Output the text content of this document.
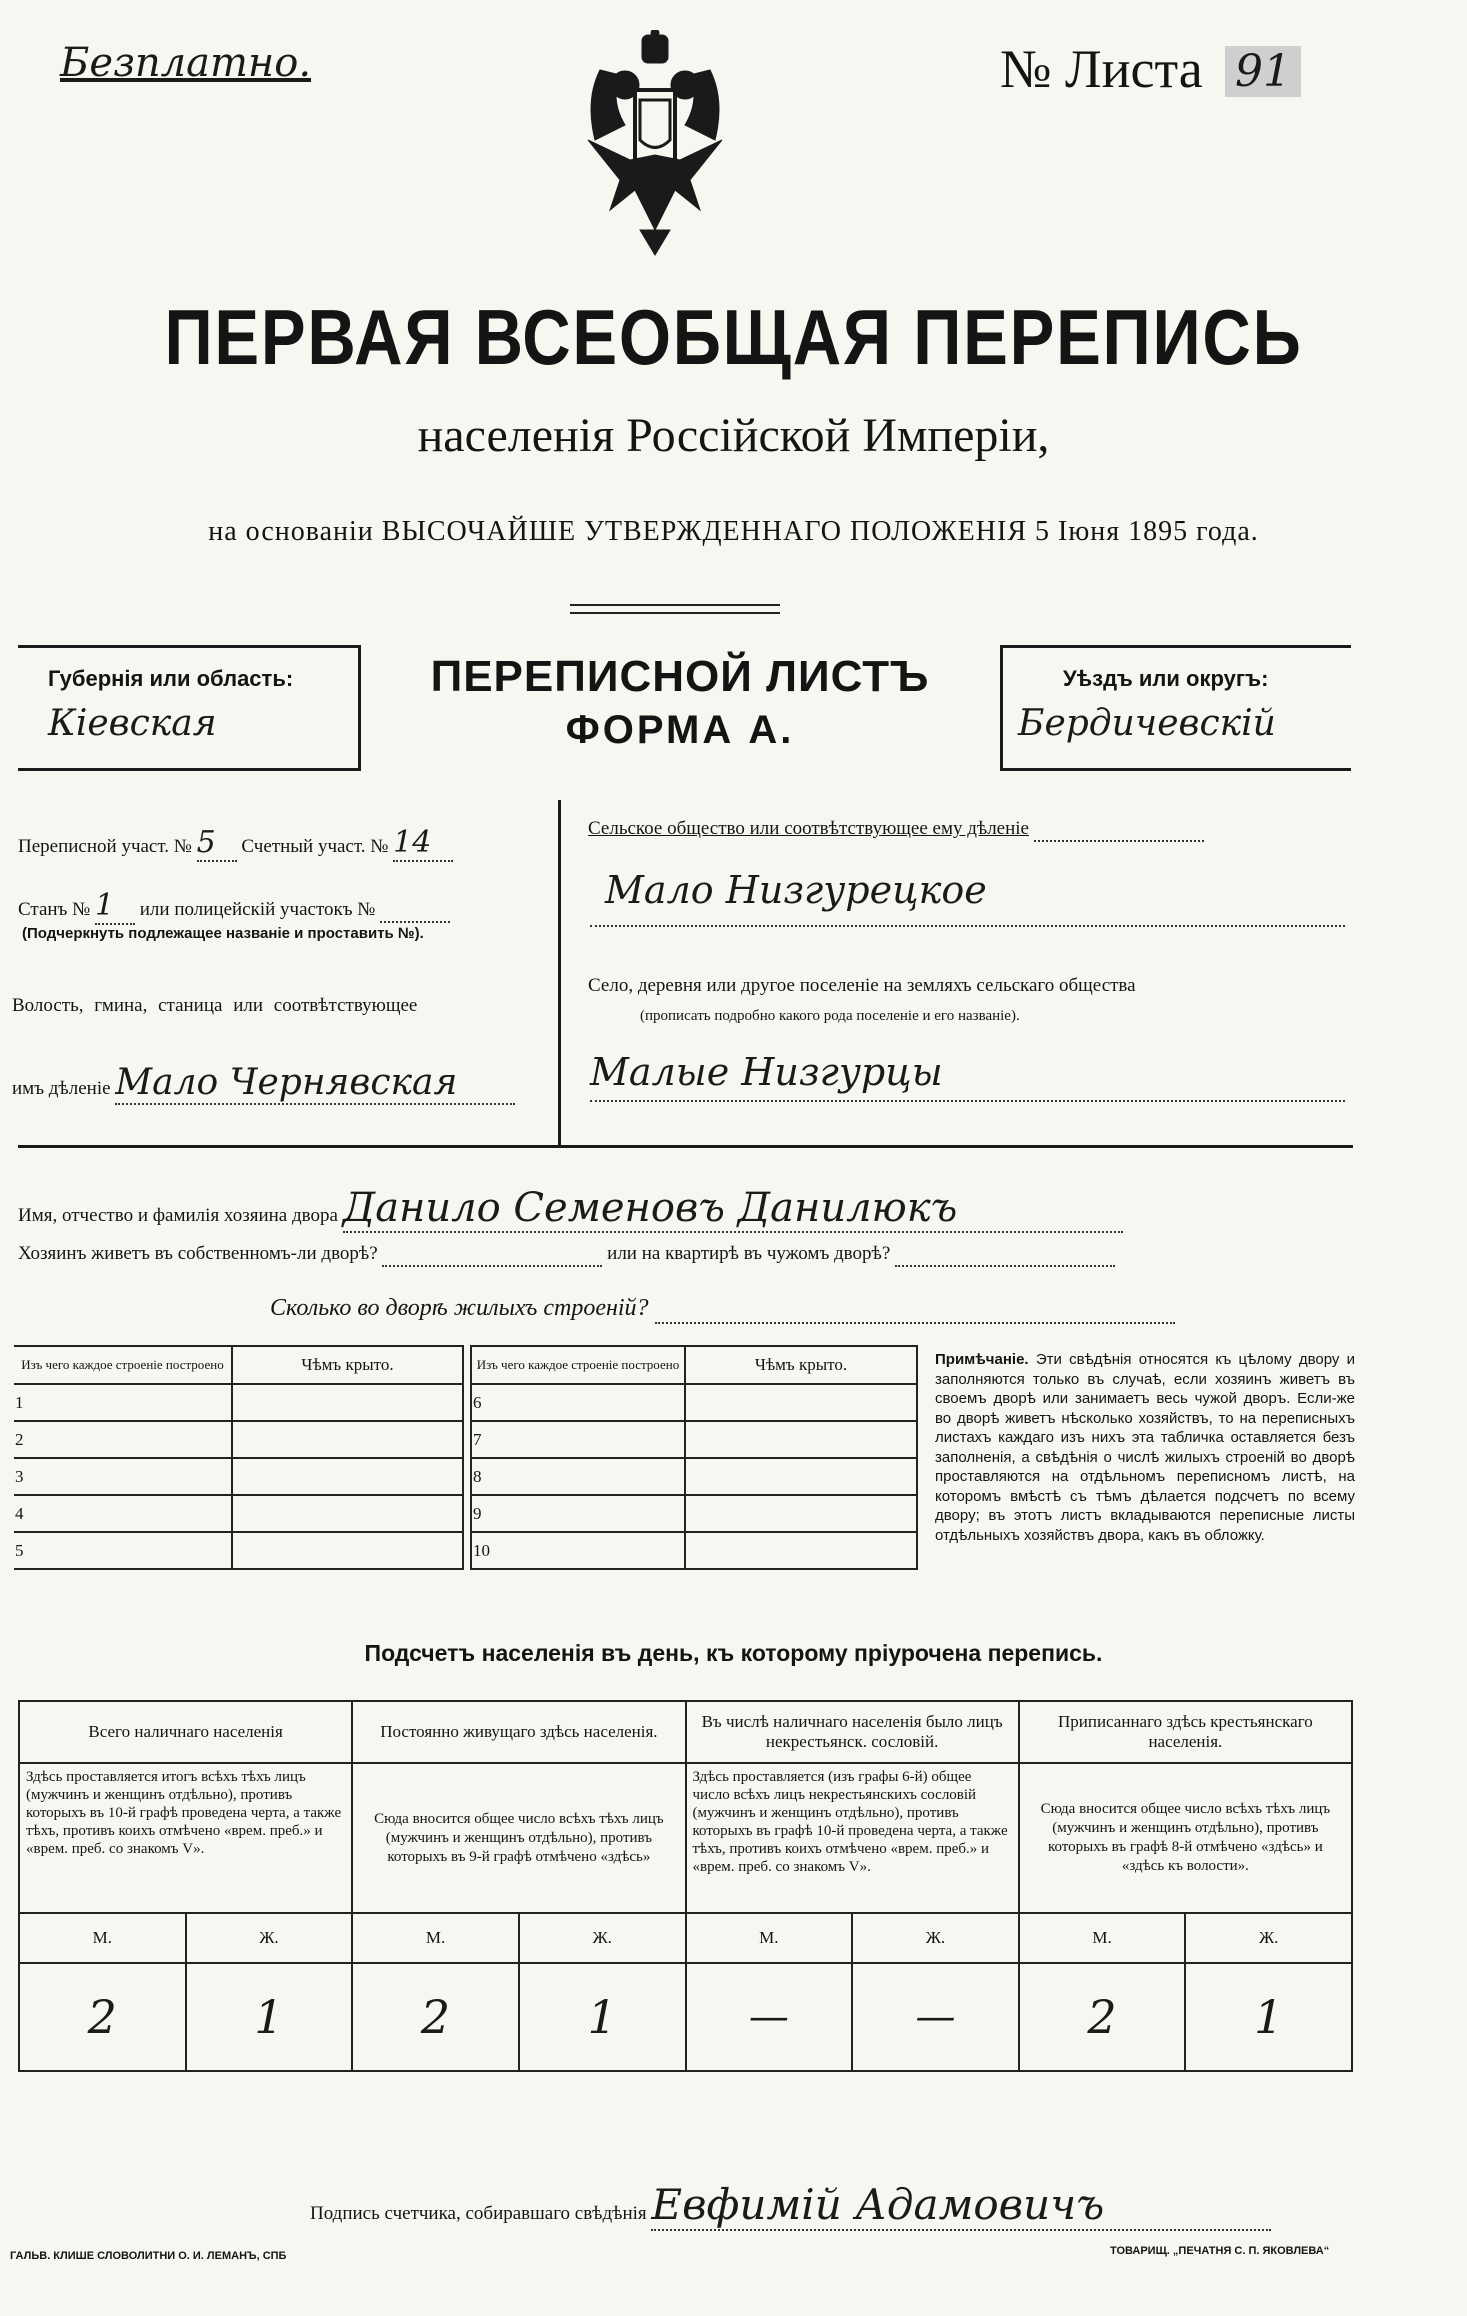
Безплатно.	№ Листа 91
ПЕРВАЯ ВСЕОБЩАЯ ПЕРЕПИСЬ
населенія Россійской Имперіи,
на основаніи ВЫСОЧАЙШЕ УТВЕРЖДЕННАГО ПОЛОЖЕНІЯ 5 Іюня 1895 года.
Губернія или область:
Кіевская
ПЕРЕПИСНОЙ ЛИСТЪ
ФОРМА А.
Уѣздъ или округъ:
Бердичевскій
Переписной участ. № 5 Счетный участ. № 14
Станъ № 1 или полицейскій участокъ №
(Подчеркнуть подлежащее названіе и проставить №).
Волость, гмина, станица или соотвѣтствующее
имъ дѣленіе Мало Чернявская
Сельское общество или соотвѣтствующее ему дѣленіе
Мало Низгурецкое
Село, деревня или другое поселеніе на земляхъ сельскаго общества
(прописать подробно какого рода поселеніе и его названіе).
Малые Низгурцы
Имя, отчество и фамилія хозяина двора Данило Семеновъ Данилюкъ
Хозяинъ живетъ въ собственномъ-ли дворѣ?	или на квартирѣ въ чужомъ дворѣ?
Сколько во дворѣ жилыхъ строеній?
Изъ чего каждое строеніе построено	Чѣмъ крыто.
1	
2	
3	
4	
5	
Изъ чего каждое строеніе построено	Чѣмъ крыто.
6	
7	
8	
9	
10	
Примѣчаніе. Эти свѣдѣнія относятся къ цѣлому двору и заполняются только въ случаѣ, если хозяинъ живетъ въ своемъ дворѣ или занимаетъ весь чужой дворъ. Если-же во дворѣ живетъ нѣсколько хозяйствъ, то на переписныхъ листахъ каждаго изъ нихъ эта табличка оставляется безъ заполненія, а свѣдѣнія о числѣ жилыхъ строеній во дворѣ проставляются на отдѣльномъ переписномъ листѣ, на которомъ вмѣстѣ съ тѣмъ дѣлается подсчетъ по всему двору; въ этотъ листъ вкладываются переписные листы отдѣльныхъ хозяйствъ двора, какъ въ обложку.
Подсчетъ населенія въ день, къ которому пріурочена перепись.
Всего наличнаго населенія		Постоянно живущаго здѣсь населенія.		Въ числѣ наличнаго населенія было лицъ некрестьянск. сословій.		Приписаннаго здѣсь крестьянскаго населенія.	
Здѣсь проставляется итогъ всѣхъ тѣхъ лицъ (мужчинъ и женщинъ отдѣльно), противъ которыхъ въ 10-й графѣ проведена черта, а также тѣхъ, противъ коихъ отмѣчено «врем. преб.» и «врем. преб. со знакомъ V».		Сюда вносится общее число всѣхъ тѣхъ лицъ (мужчинъ и женщинъ отдѣльно), противъ которыхъ въ 9-й графѣ отмѣчено «здѣсь»		Здѣсь проставляется (изъ графы 6-й) общее число всѣхъ лицъ некрестьянскихъ сословій (мужчинъ и женщинъ отдѣльно), противъ которыхъ въ графѣ 10-й проведена черта, а также тѣхъ, противъ коихъ отмѣчено «врем. преб.» и «врем. преб. со знакомъ V».		Сюда вносится общее число всѣхъ тѣхъ лицъ (мужчинъ и женщинъ отдѣльно), противъ которыхъ въ графѣ 8-й отмѣчено «здѣсь» и «здѣсь къ волости».	
М.	Ж.	М.	Ж.	М.	Ж.	М.	Ж.
2	1	2	1	—	—	2	1
Подпись счетчика, собиравшаго свѣдѣнія Евфимій Адамовичъ
ГАЛЬВ. КЛИШЕ СЛОВОЛИТНИ О. И. ЛЕМАНЪ, СПБ	ТОВАРИЩ. „ПЕЧАТНЯ С. П. ЯКОВЛЕВА“
